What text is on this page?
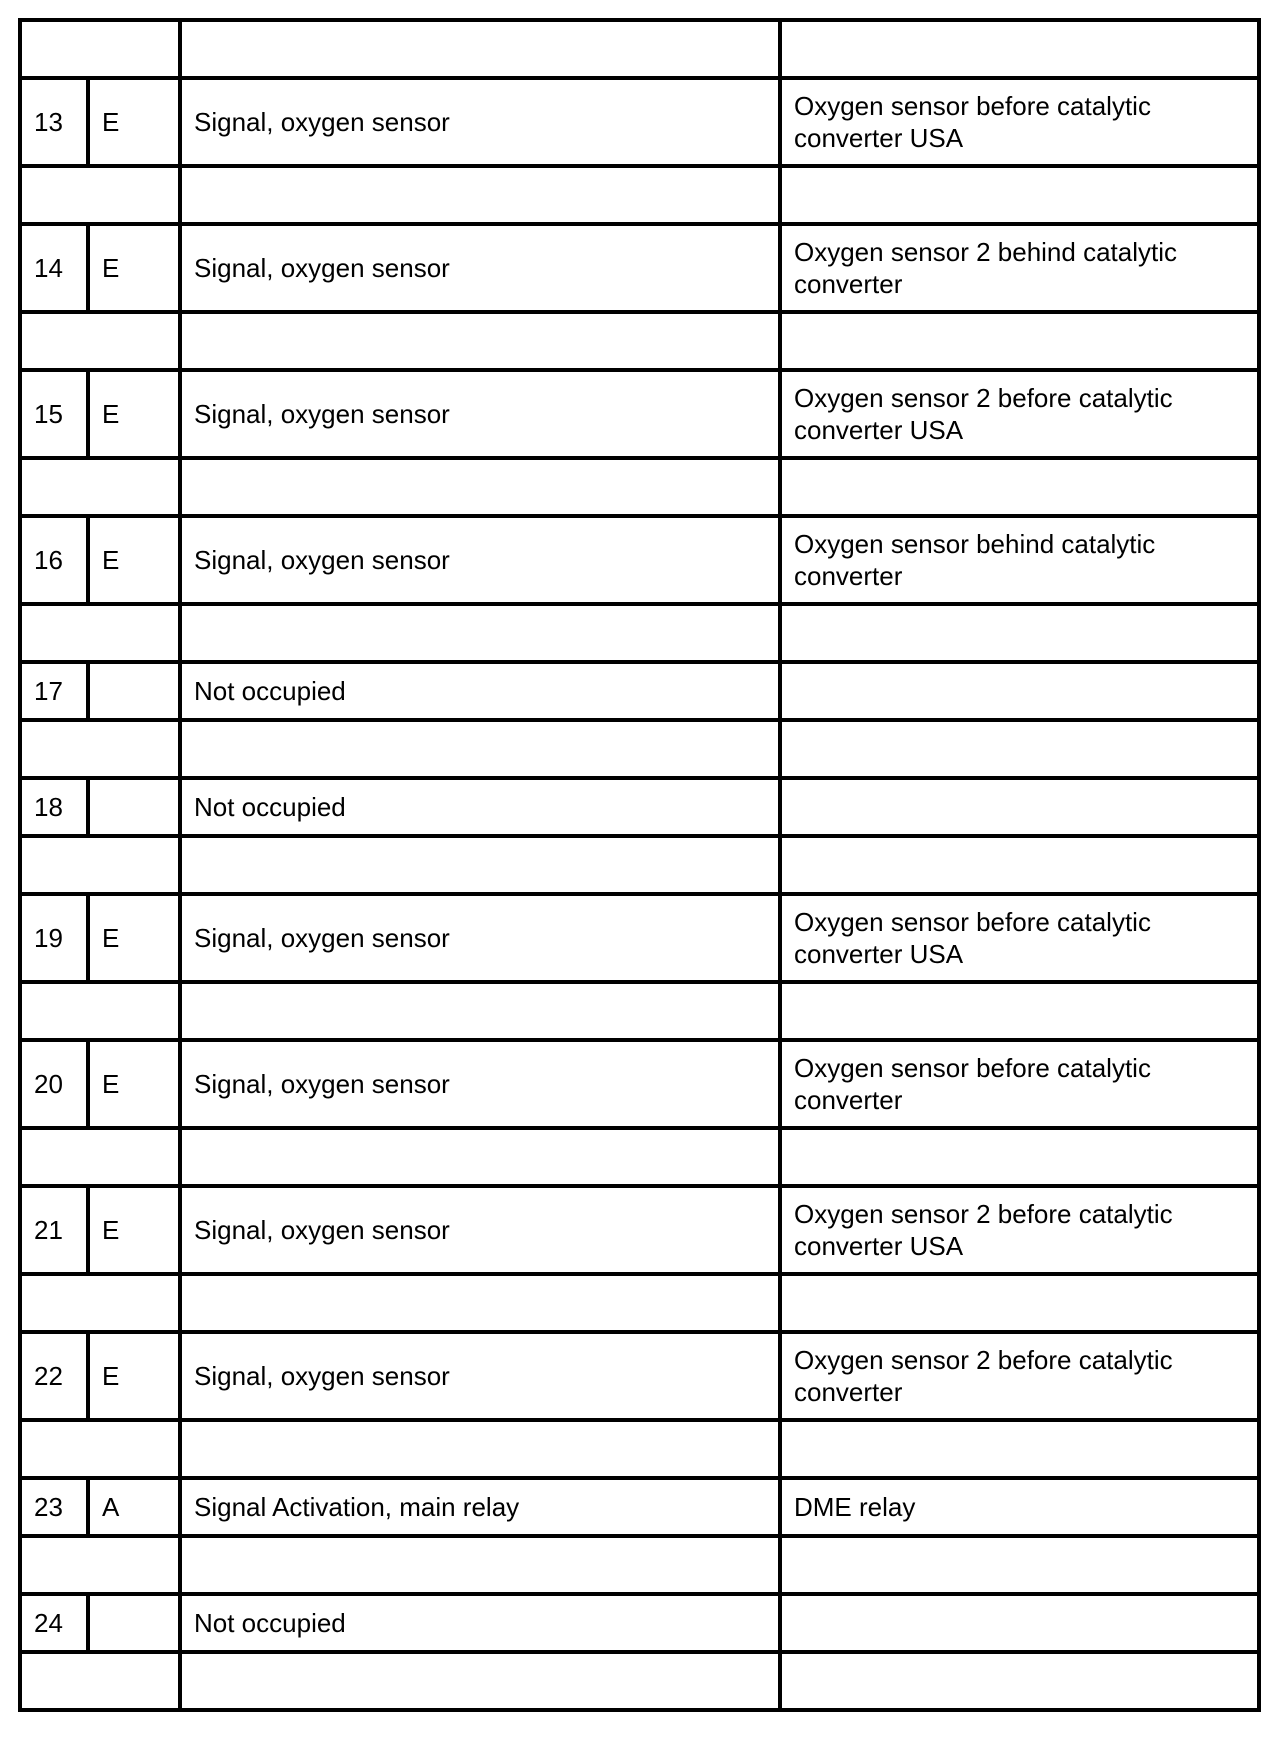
13	E	Signal, oxygen sensor	Oxygen sensor before catalytic converter USA

14	E	Signal, oxygen sensor	Oxygen sensor 2 behind catalytic converter

15	E	Signal, oxygen sensor	Oxygen sensor 2 before catalytic converter USA

16	E	Signal, oxygen sensor	Oxygen sensor behind catalytic converter

17		Not occupied	

18		Not occupied	

19	E	Signal, oxygen sensor	Oxygen sensor before catalytic converter USA

20	E	Signal, oxygen sensor	Oxygen sensor before catalytic converter

21	E	Signal, oxygen sensor	Oxygen sensor 2 before catalytic converter USA

22	E	Signal, oxygen sensor	Oxygen sensor 2 before catalytic converter

23	A	Signal Activation, main relay	DME relay

24		Not occupied	
